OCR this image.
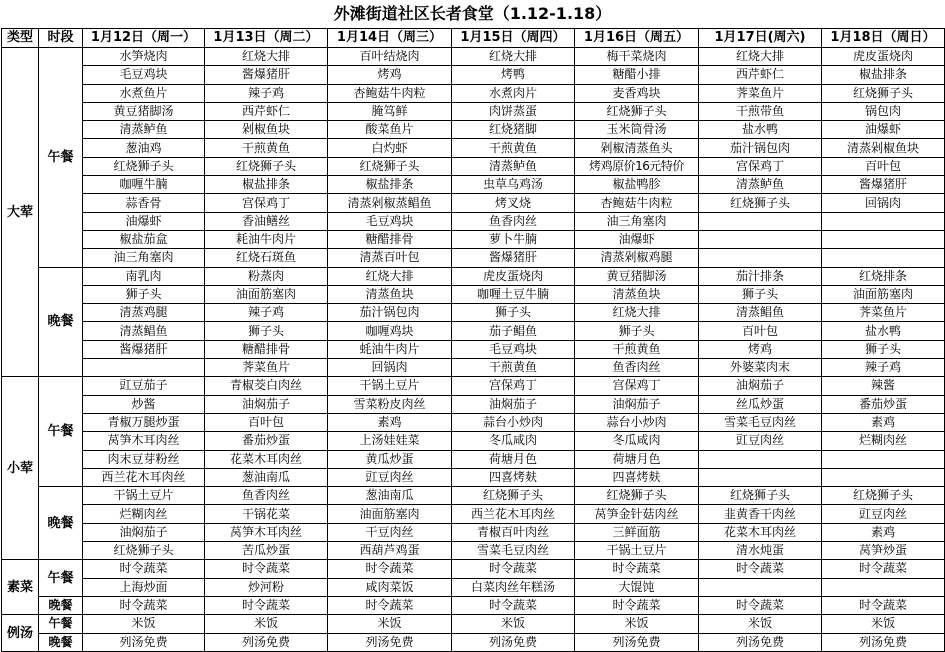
外滩街道社区长者食堂（1.12-1.18）
类型	时段	1月12日（周一）	1月13日（周二）	1月14日（周三）	1月15日（周四）	1月16日（周五）	1月17日(周六)	1月18日（周日）
大荤	午餐	水笋烧肉	红烧大排	百叶结烧肉	红烧大排	梅干菜烧肉	红烧大排	虎皮蛋烧肉
		毛豆鸡块	酱爆猪肝	烤鸡	烤鸭	糖醋小排	西芹虾仁	椒盐排条
		水煮鱼片	辣子鸡	杏鲍菇牛肉粒	水煮肉片	麦香鸡块	荠菜鱼片	红烧狮子头
		黄豆猪脚汤	西芹虾仁	腌笃鲜	肉饼蒸蛋	红烧狮子头	干煎带鱼	锅包肉
		清蒸鲈鱼	剁椒鱼块	酸菜鱼片	红烧猪脚	玉米筒骨汤	盐水鸭	油爆虾
		葱油鸡	干煎黄鱼	白灼虾	干煎黄鱼	剁椒清蒸鱼头	茄汁锅包肉	清蒸剁椒鱼块
		红烧狮子头	红烧狮子头	红烧狮子头	清蒸鲈鱼	烤鸡原价16元特价	宫保鸡丁	百叶包
		咖喱牛腩	椒盐排条	椒盐排条	虫草乌鸡汤	椒盐鸭胗	清蒸鲈鱼	酱爆猪肝
		蒜香骨	宫保鸡丁	清蒸剁椒蒸鲳鱼	烤叉烧	杏鲍菇牛肉粒	红烧狮子头	回锅肉
		油爆虾	香油鳝丝	毛豆鸡块	鱼香肉丝	油三角塞肉		
		椒盐茄盒	耗油牛肉片	糖醋排骨	萝卜牛腩	油爆虾		
		油三角塞肉	红烧石斑鱼	清蒸百叶包	酱爆猪肝	清蒸剁椒鸡腿		
	晚餐	南乳肉	粉蒸肉	红烧大排	虎皮蛋烧肉	黄豆猪脚汤	茄汁排条	红烧排条
		狮子头	油面筋塞肉	清蒸鱼块	咖喱土豆牛腩	清蒸鱼块	狮子头	油面筋塞肉
		清蒸鸡腿	辣子鸡	茄汁锅包肉	狮子头	红烧大排	清蒸鲳鱼	荠菜鱼片
		清蒸鲳鱼	狮子头	咖喱鸡块	茄子鲳鱼	狮子头	百叶包	盐水鸭
		酱爆猪肝	糖醋排骨	蚝油牛肉片	毛豆鸡块	干煎黄鱼	烤鸡	狮子头
			荠菜鱼片	回锅肉	干煎黄鱼	鱼香肉丝	外婆菜肉末	辣子鸡
小荤	午餐	豇豆茄子	青椒茭白肉丝	干锅土豆片	宫保鸡丁	宫保鸡丁	油焖茄子	辣酱
		炒酱	油焖茄子	雪菜粉皮肉丝	油焖茄子	油焖茄子	丝瓜炒蛋	番茄炒蛋
		青椒万腿炒蛋	百叶包	素鸡	蒜台小炒肉	蒜台小炒肉	雪菜毛豆肉丝	素鸡
		莴笋木耳肉丝	番茄炒蛋	上汤娃娃菜	冬瓜咸肉	冬瓜咸肉	豇豆肉丝	烂糊肉丝
		肉末豆芽粉丝	花菜木耳肉丝	黄瓜炒蛋	荷塘月色	荷塘月色		
		西兰花木耳肉丝	葱油南瓜	豇豆肉丝	四喜烤麸	四喜烤麸		
	晚餐	干锅土豆片	鱼香肉丝	葱油南瓜	红烧狮子头	红烧狮子头	红烧狮子头	红烧狮子头
		烂糊肉丝	干锅花菜	油面筋塞肉	西兰花木耳肉丝	莴笋金针菇肉丝	韭黄香干肉丝	豇豆肉丝
		油焖茄子	莴笋木耳肉丝	干豆肉丝	青椒百叶肉丝	三鲜面筋	花菜木耳肉丝	素鸡
		红烧狮子头	苦瓜炒蛋	西葫芦鸡蛋	雪菜毛豆肉丝	干锅土豆片	清水炖蛋	莴笋炒蛋
素菜	午餐	时令蔬菜	时令蔬菜	时令蔬菜	时令蔬菜	时令蔬菜	时令蔬菜	时令蔬菜
		上海炒面	炒河粉	咸肉菜饭	白菜肉丝年糕汤	大馄饨		
	晚餐	时令蔬菜	时令蔬菜	时令蔬菜	时令蔬菜	时令蔬菜	时令蔬菜	时令蔬菜
例汤	午餐	米饭	米饭	米饭	米饭	米饭	米饭	米饭
	晚餐	列汤免费	列汤免费	列汤免费	列汤免费	列汤免费	列汤免费	列汤免费
